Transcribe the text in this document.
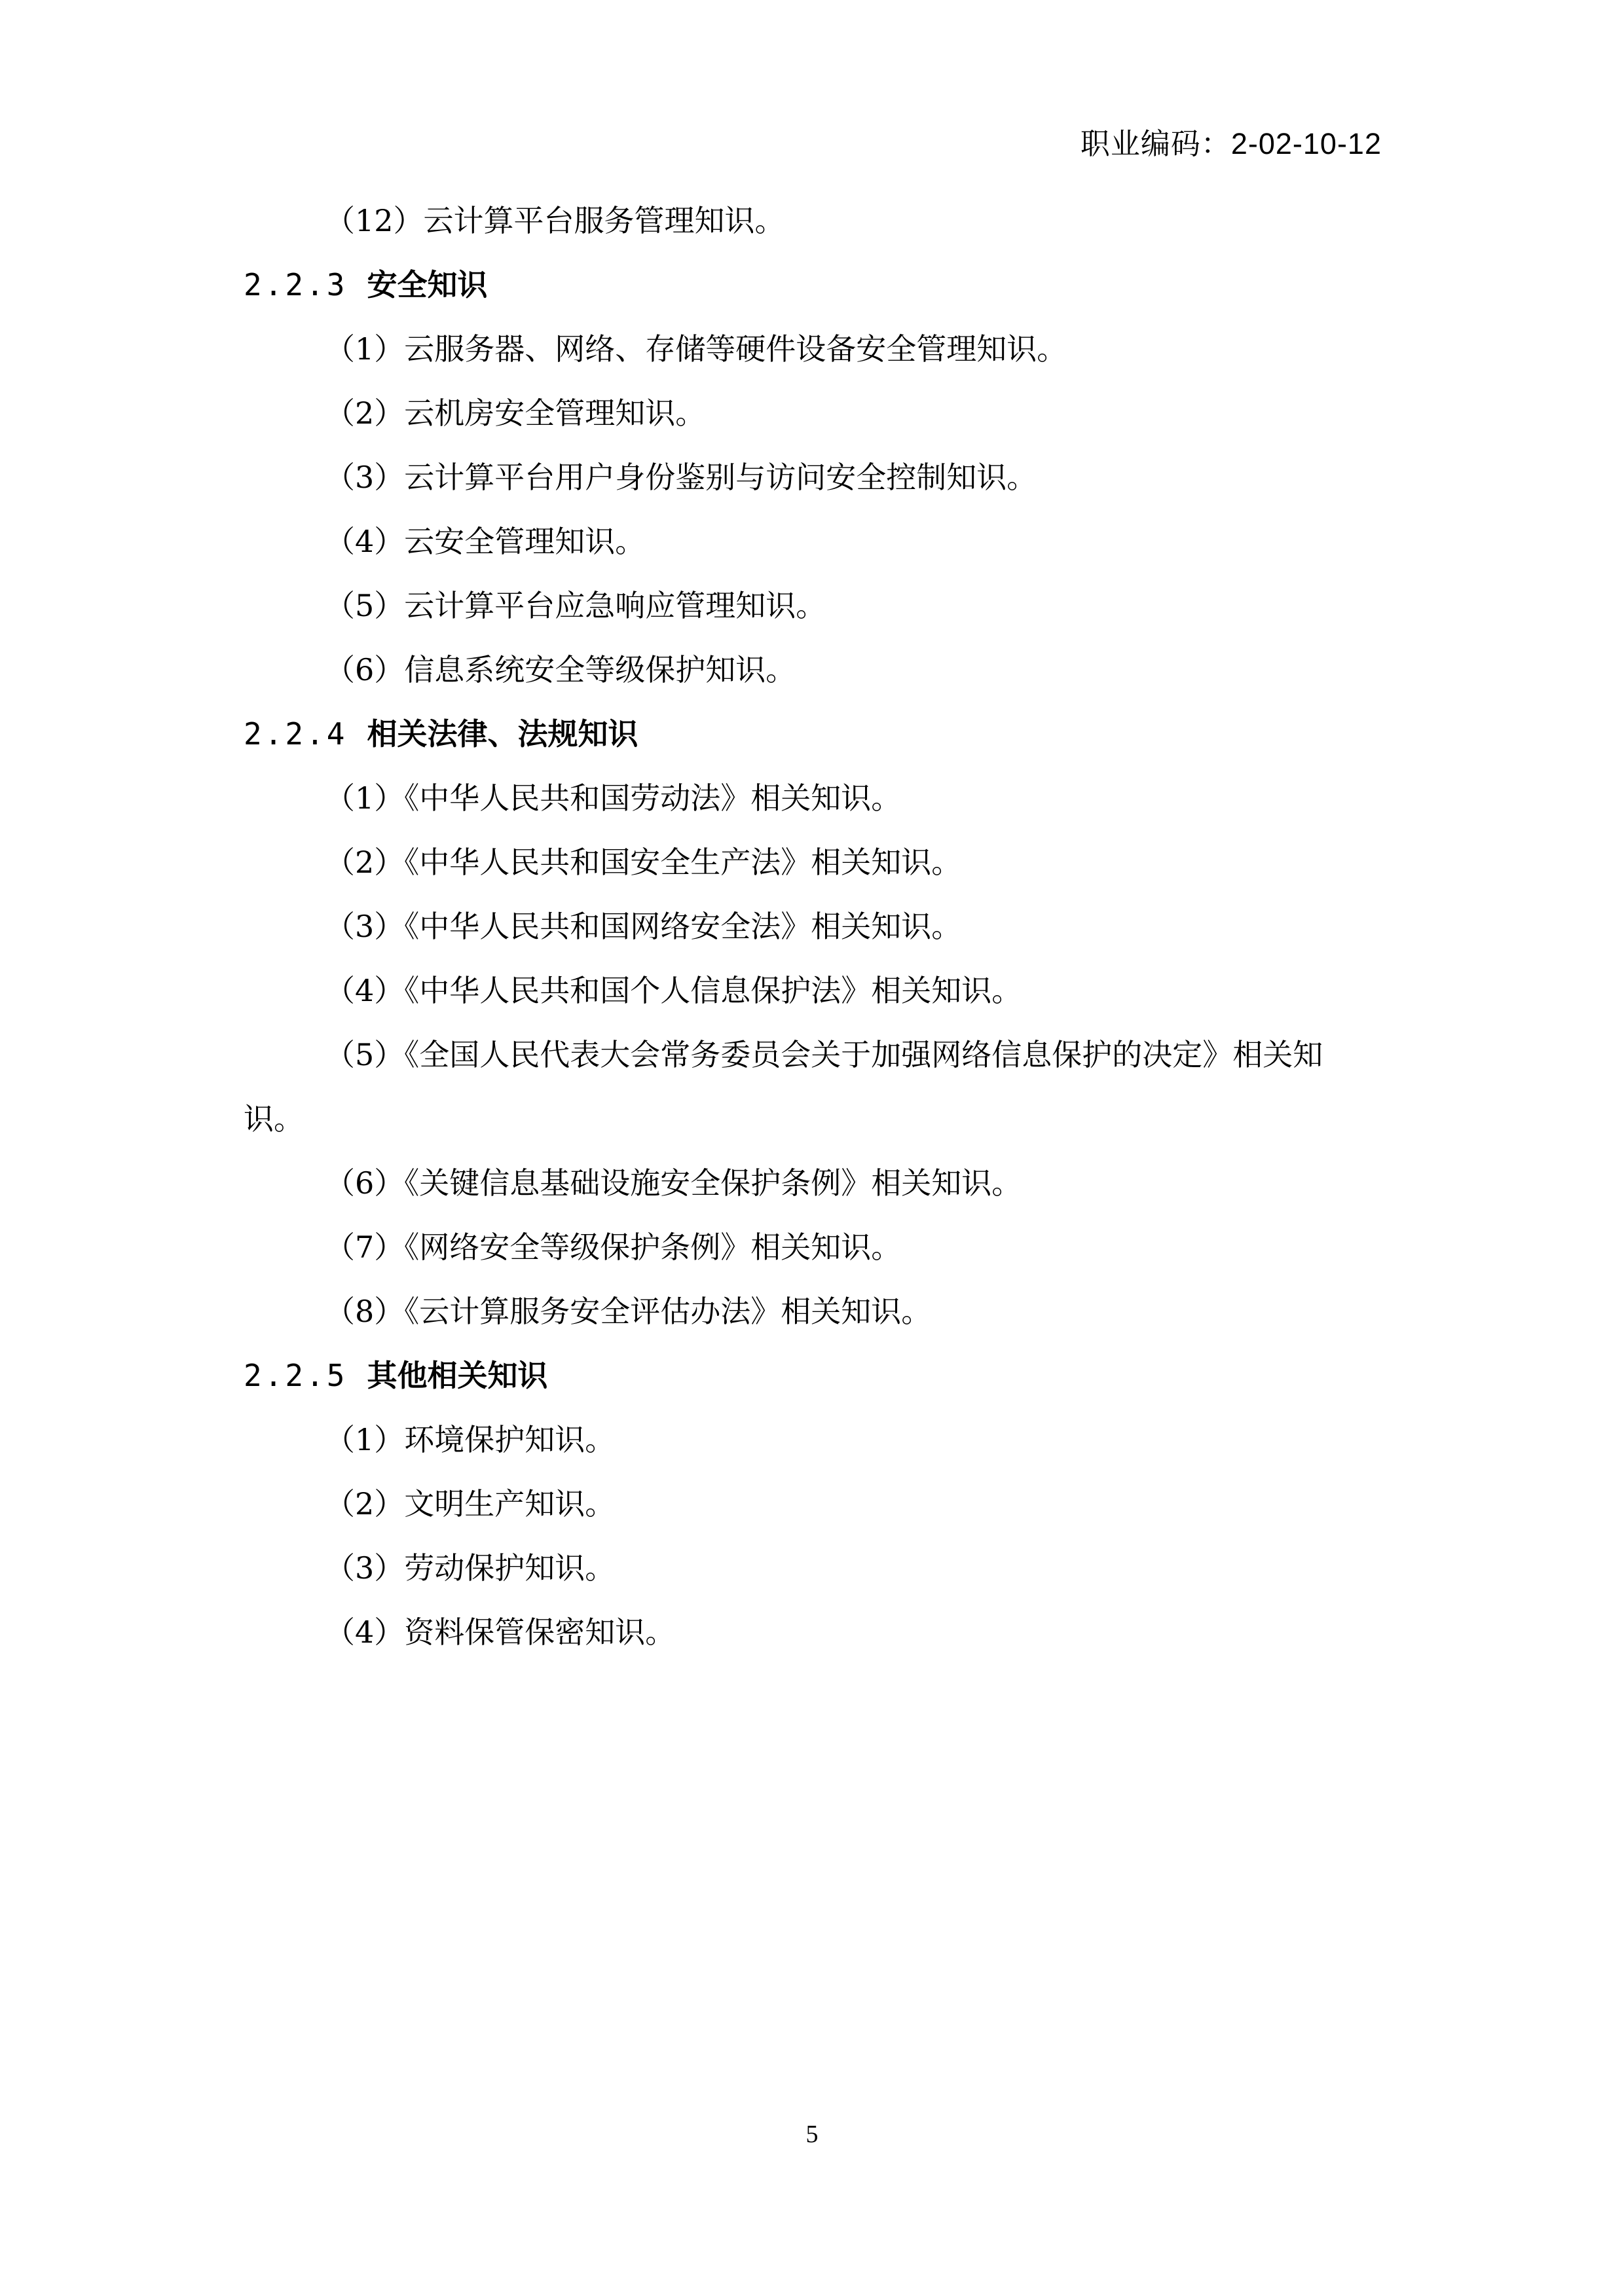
职业编码：2-02-10-12
（12）云计算平台服务管理知识。
2.2.3 安全知识
（1）云服务器、网络、存储等硬件设备安全管理知识。
（2）云机房安全管理知识。
（3）云计算平台用户身份鉴别与访问安全控制知识。
（4）云安全管理知识。
（5）云计算平台应急响应管理知识。
（6）信息系统安全等级保护知识。
2.2.4 相关法律、法规知识
（1）《中华人民共和国劳动法》相关知识。
（2）《中华人民共和国安全生产法》相关知识。
（3）《中华人民共和国网络安全法》相关知识。
（4）《中华人民共和国个人信息保护法》相关知识。
（5）《全国人民代表大会常务委员会关于加强网络信息保护的决定》相关知
识。
（6）《关键信息基础设施安全保护条例》相关知识。
（7）《网络安全等级保护条例》相关知识。
（8）《云计算服务安全评估办法》相关知识。
2.2.5 其他相关知识
（1）环境保护知识。
（2）文明生产知识。
（3）劳动保护知识。
（4）资料保管保密知识。
5
